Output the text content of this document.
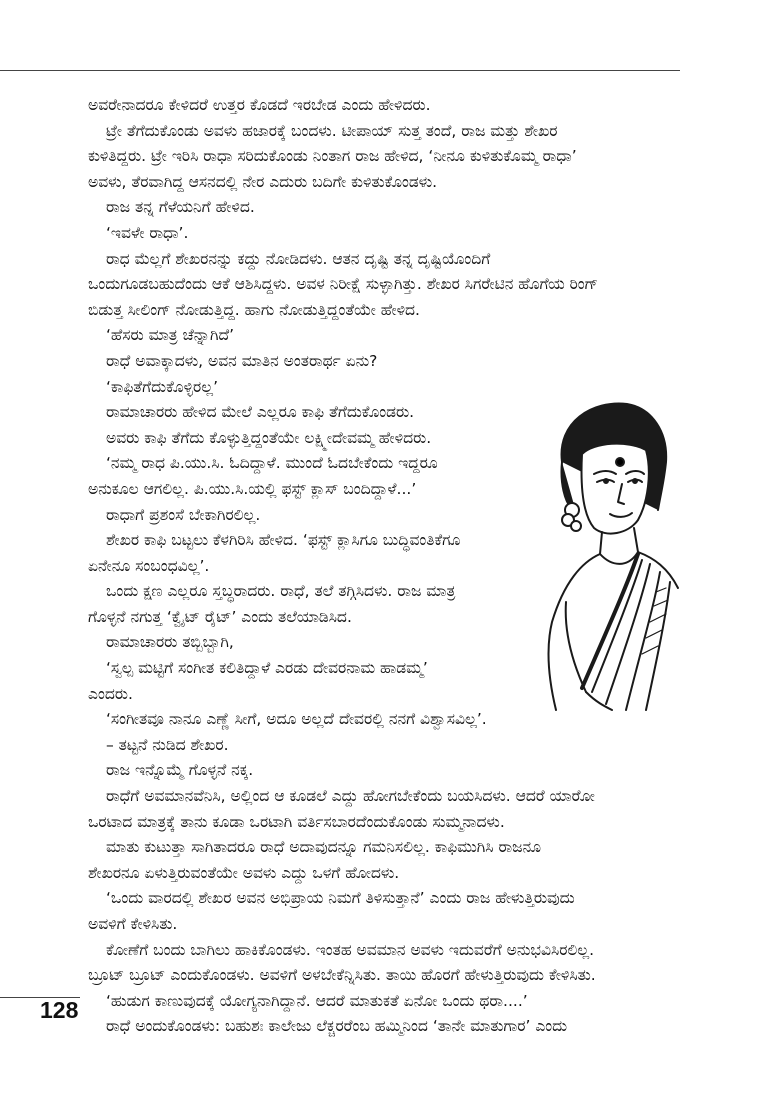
ಅವರೇನಾದರೂ ಕೇಳಿದರೆ ಉತ್ತರ ಕೊಡದೆ ಇರಬೇಡ ಎಂದು ಹೇಳಿದರು.

ಟ್ರೇ ತೆಗೆದುಕೊಂಡು ಅವಳು ಹಜಾರಕ್ಕೆ ಬಂದಳು. ಟೀಪಾಯ್ ಸುತ್ತ ತಂದೆ, ರಾಜ ಮತ್ತು ಶೇಖರ

ಕುಳಿತಿದ್ದರು. ಟ್ರೇ ಇರಿಸಿ ರಾಧಾ ಸರಿದುಕೊಂಡು ನಿಂತಾಗ ರಾಜ ಹೇಳಿದ, ‘ನೀನೂ ಕುಳಿತುಕೊಮ್ಮ ರಾಧಾ’

ಅವಳು, ತೆರವಾಗಿದ್ದ ಆಸನದಲ್ಲಿ ನೇರ ಎದುರು ಬದಿಗೇ ಕುಳಿತುಕೊಂಡಳು.

ರಾಜ ತನ್ನ ಗೆಳೆಯನಿಗೆ ಹೇಳಿದ.

‘ಇವಳೇ ರಾಧಾ’.

ರಾಧ ಮೆಲ್ಲಗೆ ಶೇಖರನನ್ನು ಕದ್ದು ನೋಡಿದಳು. ಆತನ ದೃಷ್ಟಿ ತನ್ನ ದೃಷ್ಟಿಯೊಂದಿಗೆ

ಒಂದುಗೂಡಬಹುದೆಂದು ಆಕೆ ಆಶಿಸಿದ್ದಳು. ಅವಳ ನಿರೀಕ್ಷೆ ಸುಳ್ಳಾಗಿತ್ತು. ಶೇಖರ ಸಿಗರೇಟಿನ ಹೊಗೆಯ ರಿಂಗ್

ಬಿಡುತ್ತ ಸೀಲಿಂಗ್ ನೋಡುತ್ತಿದ್ದ. ಹಾಗು ನೋಡುತ್ತಿದ್ದಂತೆಯೇ ಹೇಳಿದ.

‘ಹೆಸರು ಮಾತ್ರ ಚೆನ್ನಾಗಿದೆ’

ರಾಧೆ ಅವಾಕ್ಕಾದಳು, ಅವನ ಮಾತಿನ ಅಂತರಾರ್ಥ ಏನು?

‘ಕಾಫಿತೆಗೆದುಕೊಳ್ಳಿರಲ್ಲ’

ರಾಮಾಚಾರರು ಹೇಳಿದ ಮೇಲೆ ಎಲ್ಲರೂ ಕಾಫಿ ತೆಗೆದುಕೊಂಡರು.

ಅವರು ಕಾಫಿ ತೆಗೆದು ಕೊಳ್ಳುತ್ತಿದ್ದಂತೆಯೇ ಲಕ್ಷ್ಮೀದೇವಮ್ಮ ಹೇಳಿದರು.

‘ನಮ್ಮ ರಾಧ ಪಿ.ಯು.ಸಿ. ಓದಿದ್ದಾಳೆ. ಮುಂದೆ ಓದಬೇಕೆಂದು ಇದ್ದರೂ

ಅನುಕೂಲ ಆಗಲಿಲ್ಲ. ಪಿ.ಯು.ಸಿ.ಯಲ್ಲಿ ಫಸ್ಟ್ ಕ್ಲಾಸ್ ಬಂದಿದ್ದಾಳೆ...’

ರಾಧಾಗೆ ಪ್ರಶಂಸೆ ಬೇಕಾಗಿರಲಿಲ್ಲ.

ಶೇಖರ ಕಾಫಿ ಬಟ್ಟಲು ಕೆಳಗಿರಿಸಿ ಹೇಳಿದ. ‘ಫಸ್ಟ್ ಕ್ಲಾಸಿಗೂ ಬುದ್ಧಿವಂತಿಕೆಗೂ

ಏನೇನೂ ಸಂಬಂಧವಿಲ್ಲ’.

ಒಂದು ಕ್ಷಣ ಎಲ್ಲರೂ ಸ್ತಬ್ಧರಾದರು. ರಾಧೆ, ತಲೆ ತಗ್ಗಿಸಿದಳು. ರಾಜ ಮಾತ್ರ

ಗೊಳ್ಳನೆ ನಗುತ್ತ ‘ಕ್ವೈಟ್ ರೈಟ್’ ಎಂದು ತಲೆಯಾಡಿಸಿದ.

ರಾಮಾಚಾರರು ತಬ್ಬಿಬ್ಬಾಗಿ,

‘ಸ್ವಲ್ಪ ಮಟ್ಟಿಗೆ ಸಂಗೀತ ಕಲಿತಿದ್ದಾಳೆ ಎರಡು ದೇವರನಾಮ ಹಾಡಮ್ಮ’

ಎಂದರು.

‘ಸಂಗೀತವೂ ನಾನೂ ಎಣ್ಣೆ ಸೀಗೆ, ಅದೂ ಅಲ್ಲದೆ ದೇವರಲ್ಲಿ ನನಗೆ ವಿಶ್ವಾಸವಿಲ್ಲ’.

– ತಟ್ಟನೆ ನುಡಿದ ಶೇಖರ.

ರಾಜ ಇನ್ನೊಮ್ಮೆ ಗೊಳ್ಳನೆ ನಕ್ಕ.

ರಾಧೆಗೆ ಅವಮಾನವೆನಿಸಿ, ಅಲ್ಲಿಂದ ಆ ಕೂಡಲೆ ಎದ್ದು ಹೋಗಬೇಕೆಂದು ಬಯಸಿದಳು. ಆದರೆ ಯಾರೋ

ಒರಟಾದ ಮಾತ್ರಕ್ಕೆ ತಾನು ಕೂಡಾ ಒರಟಾಗಿ ವರ್ತಿಸಬಾರದೆಂದುಕೊಂಡು ಸುಮ್ಮನಾದಳು.

ಮಾತು ಕುಟುತ್ತಾ ಸಾಗಿತಾದರೂ ರಾಧೆ ಅದಾವುದನ್ನೂ ಗಮನಿಸಲಿಲ್ಲ. ಕಾಫಿಮುಗಿಸಿ ರಾಜನೂ

ಶೇಖರನೂ ಏಳುತ್ತಿರುವಂತೆಯೇ ಅವಳು ಎದ್ದು ಒಳಗೆ ಹೋದಳು.

‘ಒಂದು ವಾರದಲ್ಲಿ ಶೇಖರ ಅವನ ಅಭಿಪ್ರಾಯ ನಿಮಗೆ ತಿಳಿಸುತ್ತಾನೆ’ ಎಂದು ರಾಜ ಹೇಳುತ್ತಿರುವುದು

ಅವಳಿಗೆ ಕೇಳಿಸಿತು.

ಕೋಣೆಗೆ ಬಂದು ಬಾಗಿಲು ಹಾಕಿಕೊಂಡಳು. ಇಂತಹ ಅವಮಾನ ಅವಳು ಇದುವರೆಗೆ ಅನುಭವಿಸಿರಲಿಲ್ಲ.

ಬ್ರೂಟ್ ಬ್ರೂಟ್ ಎಂದುಕೊಂಡಳು. ಅವಳಿಗೆ ಅಳಬೇಕೆನ್ನಿಸಿತು. ತಾಯಿ ಹೊರಗೆ ಹೇಳುತ್ತಿರುವುದು ಕೇಳಿಸಿತು.

‘ಹುಡುಗ ಕಾಣುವುದಕ್ಕೆ ಯೋಗ್ಯನಾಗಿದ್ದಾನೆ. ಆದರೆ ಮಾತುಕತೆ ಏನೋ ಒಂದು ಥರಾ....’

ರಾಧೆ ಅಂದುಕೊಂಡಳು: ಬಹುಶಃ ಕಾಲೇಜು ಲೆಕ್ಚರರೆಂಬ ಹಮ್ಮಿನಿಂದ ‘ತಾನೇ ಮಾತುಗಾರ’ ಎಂದು

128
